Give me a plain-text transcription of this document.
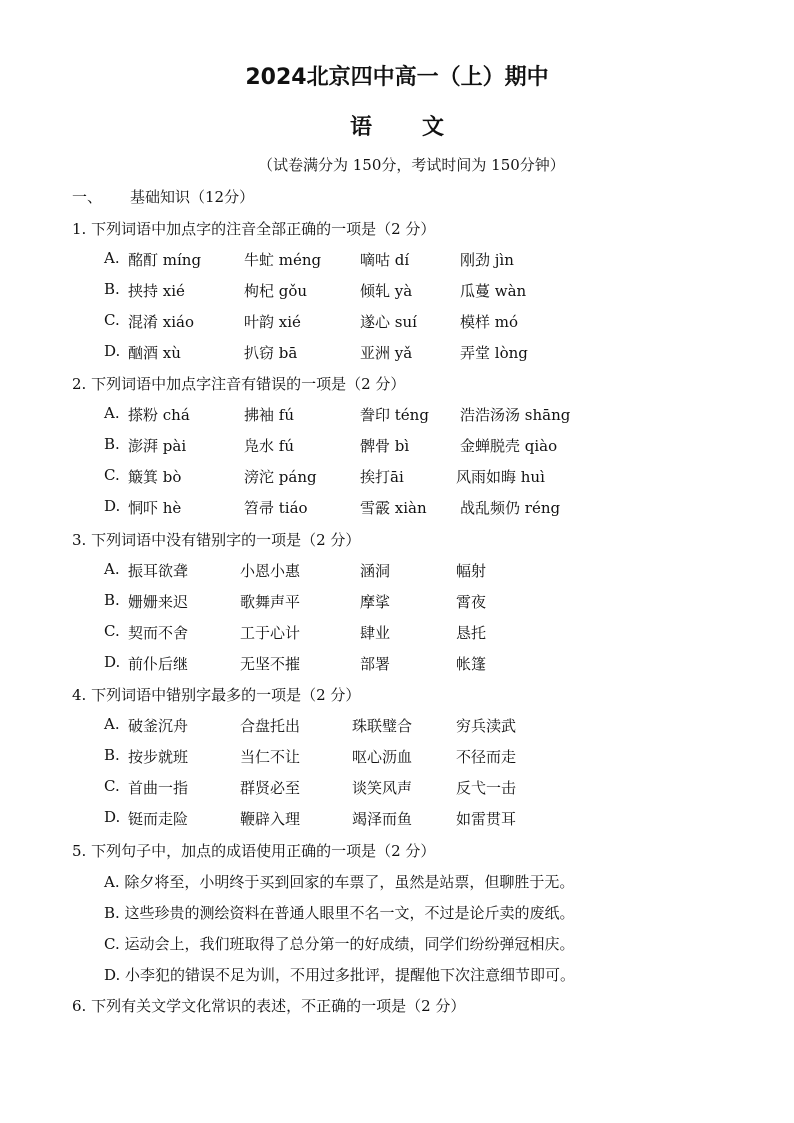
2024北京四中高一（上）期中
语文
（试卷满分为 150分，考试时间为 150分钟）
一、 基础知识（12分）
1. 下列词语中加点字的注音全部正确的一项是（2 分）
A. 酩酊 míng	牛虻 méng	嘀咕 dí	刚劲 jìn
B. 挟持 xié	枸杞 gǒu	倾轧 yà	瓜蔓 wàn
C. 混淆 xiáo	叶韵 xié	遂心 suí	模样 mó
D. 酗酒 xù	扒窃 bā	亚洲 yǎ	弄堂 lòng
2. 下列词语中加点字注音有错误的一项是（2 分）
A. 搽粉 chá	拂袖 fú	誊印 téng 浩浩汤汤 shāng
B. 澎湃 pài	凫水 fú	髀骨 bì	金蝉脱壳 qiào
C. 簸箕 bò	滂沱 páng	挨打āi	风雨如晦 huì
D. 恫吓 hè	笤帚 tiáo	雪霰 xiàn 战乱频仍 réng
3. 下列词语中没有错别字的一项是（2 分）
A. 振耳欲聋	小恩小惠	涵洞	幅射
B. 姗姗来迟	歌舞声平	摩挲	霄夜
C. 契而不舍	工于心计	肆业	恳托
D. 前仆后继	无坚不摧	部署	帐篷
4. 下列词语中错别字最多的一项是（2 分）
A. 破釜沉舟	合盘托出	珠联璧合	穷兵渎武
B. 按步就班	当仁不让	呕心沥血	不径而走
C. 首曲一指	群贤必至	谈笑风声	反弋一击
D. 铤而走险	鞭辟入理	竭泽而鱼	如雷贯耳
5. 下列句子中，加点的成语使用正确的一项是（2 分）
A. 除夕将至，小明终于买到回家的车票了，虽然是站票，但聊胜于无。
B. 这些珍贵的测绘资料在普通人眼里不名一文，不过是论斤卖的废纸。
C. 运动会上，我们班取得了总分第一的好成绩，同学们纷纷弹冠相庆。
D. 小李犯的错误不足为训，不用过多批评，提醒他下次注意细节即可。
6. 下列有关文学文化常识的表述，不正确的一项是（2 分）
